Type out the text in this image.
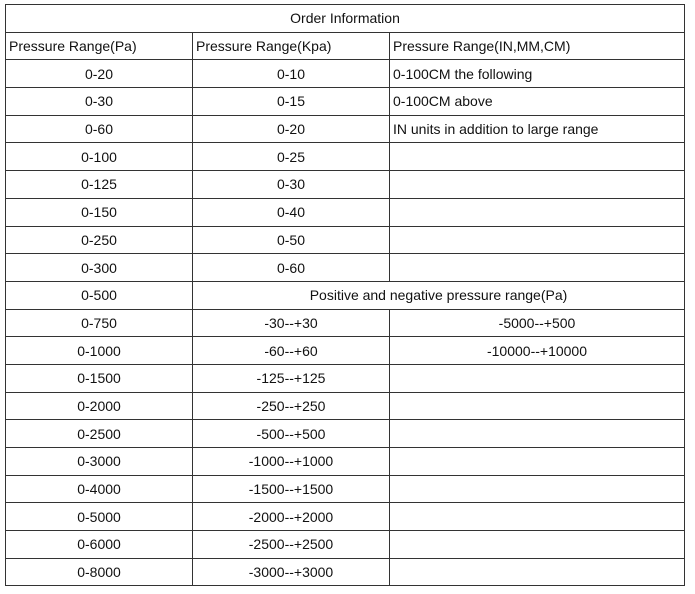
Order Information		
Pressure Range(Pa)	Pressure Range(Kpa)	Pressure Range(IN,MM,CM)
0-20	0-10	0-100CM the following
0-30	0-15	0-100CM above
0-60	0-20	IN units in addition to large range
0-100	0-25	
0-125	0-30	
0-150	0-40	
0-250	0-50	
0-300	0-60	
0-500	Positive and negative pressure range(Pa)	
0-750	-30--+30	-5000--+500
0-1000	-60--+60	-10000--+10000
0-1500	-125--+125	
0-2000	-250--+250	
0-2500	-500--+500	
0-3000	-1000--+1000	
0-4000	-1500--+1500	
0-5000	-2000--+2000	
0-6000	-2500--+2500	
0-8000	-3000--+3000	
